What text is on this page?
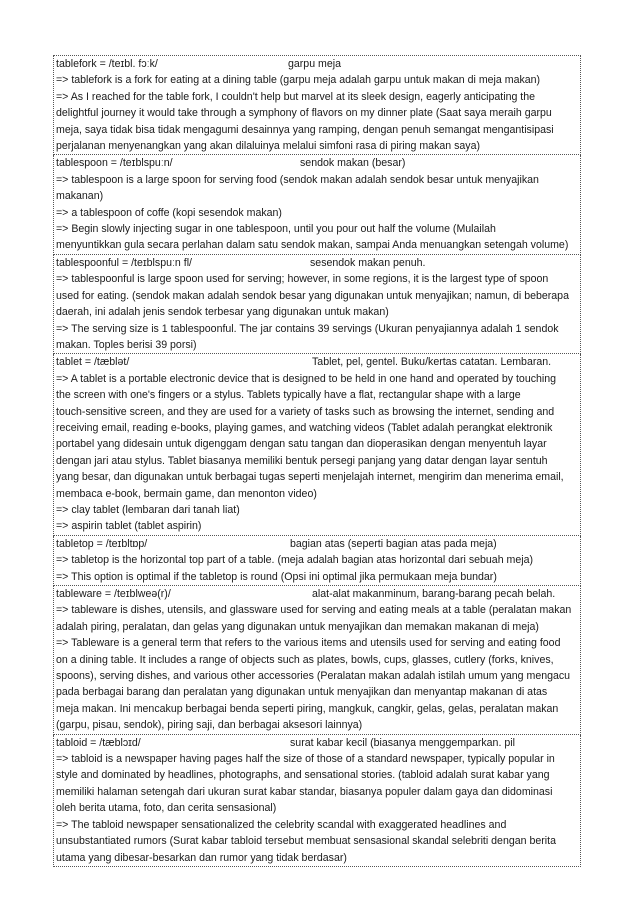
tablefork = /teɪbl. fɔːk/	garpu meja
=> tablefork is a fork for eating at a dining table (garpu meja adalah garpu untuk makan di meja makan)
=> As I reached for the table fork, I couldn't help but marvel at its sleek design, eagerly anticipating the
delightful journey it would take through a symphony of flavors on my dinner plate (Saat saya meraih garpu
meja, saya tidak bisa tidak mengagumi desainnya yang ramping, dengan penuh semangat mengantisipasi
perjalanan menyenangkan yang akan dilaluinya melalui simfoni rasa di piring makan saya)
tablespoon = /teɪblspuːn/	sendok makan (besar)
=> tablespoon is a large spoon for serving food (sendok makan adalah sendok besar untuk menyajikan
makanan)
=> a tablespoon of coffe (kopi sesendok makan)
=> Begin slowly injecting sugar in one tablespoon, until you pour out half the volume (Mulailah
menyuntikkan gula secara perlahan dalam satu sendok makan, sampai Anda menuangkan setengah volume)
tablespoonful = /teɪblspuːn fl/	sesendok makan penuh.
=> tablespoonful is large spoon used for serving; however, in some regions, it is the largest type of spoon
used for eating. (sendok makan adalah sendok besar yang digunakan untuk menyajikan; namun, di beberapa
daerah, ini adalah jenis sendok terbesar yang digunakan untuk makan)
=> The serving size is 1 tablespoonful. The jar contains 39 servings (Ukuran penyajiannya adalah 1 sendok
makan. Toples berisi 39 porsi)
tablet = /tæblət/	Tablet, pel, gentel. Buku/kertas catatan. Lembaran.
=> A tablet is a portable electronic device that is designed to be held in one hand and operated by touching
the screen with one's fingers or a stylus. Tablets typically have a flat, rectangular shape with a large
touch-sensitive screen, and they are used for a variety of tasks such as browsing the internet, sending and
receiving email, reading e-books, playing games, and watching videos (Tablet adalah perangkat elektronik
portabel yang didesain untuk digenggam dengan satu tangan dan dioperasikan dengan menyentuh layar
dengan jari atau stylus. Tablet biasanya memiliki bentuk persegi panjang yang datar dengan layar sentuh
yang besar, dan digunakan untuk berbagai tugas seperti menjelajah internet, mengirim dan menerima email,
membaca e-book, bermain game, dan menonton video)
=> clay tablet (lembaran dari tanah liat)
=> aspirin tablet (tablet aspirin)
tabletop = /teɪbltɒp/	bagian atas (seperti bagian atas pada meja)
=> tabletop is the horizontal top part of a table. (meja adalah bagian atas horizontal dari sebuah meja)
=> This option is optimal if the tabletop is round (Opsi ini optimal jika permukaan meja bundar)
tableware = /teɪblweə(r)/	alat-alat makanminum, barang-barang pecah belah.
=> tableware is dishes, utensils, and glassware used for serving and eating meals at a table (peralatan makan
adalah piring, peralatan, dan gelas yang digunakan untuk menyajikan dan memakan makanan di meja)
=> Tableware is a general term that refers to the various items and utensils used for serving and eating food
on a dining table. It includes a range of objects such as plates, bowls, cups, glasses, cutlery (forks, knives,
spoons), serving dishes, and various other accessories (Peralatan makan adalah istilah umum yang mengacu
pada berbagai barang dan peralatan yang digunakan untuk menyajikan dan menyantap makanan di atas
meja makan. Ini mencakup berbagai benda seperti piring, mangkuk, cangkir, gelas, gelas, peralatan makan
(garpu, pisau, sendok), piring saji, dan berbagai aksesori lainnya)
tabloid = /tæblɔɪd/	surat kabar kecil (biasanya menggemparkan. pil
=> tabloid is a newspaper having pages half the size of those of a standard newspaper, typically popular in
style and dominated by headlines, photographs, and sensational stories. (tabloid adalah surat kabar yang
memiliki halaman setengah dari ukuran surat kabar standar, biasanya populer dalam gaya dan didominasi
oleh berita utama, foto, dan cerita sensasional)
=> The tabloid newspaper sensationalized the celebrity scandal with exaggerated headlines and
unsubstantiated rumors (Surat kabar tabloid tersebut membuat sensasional skandal selebriti dengan berita
utama yang dibesar-besarkan dan rumor yang tidak berdasar)
